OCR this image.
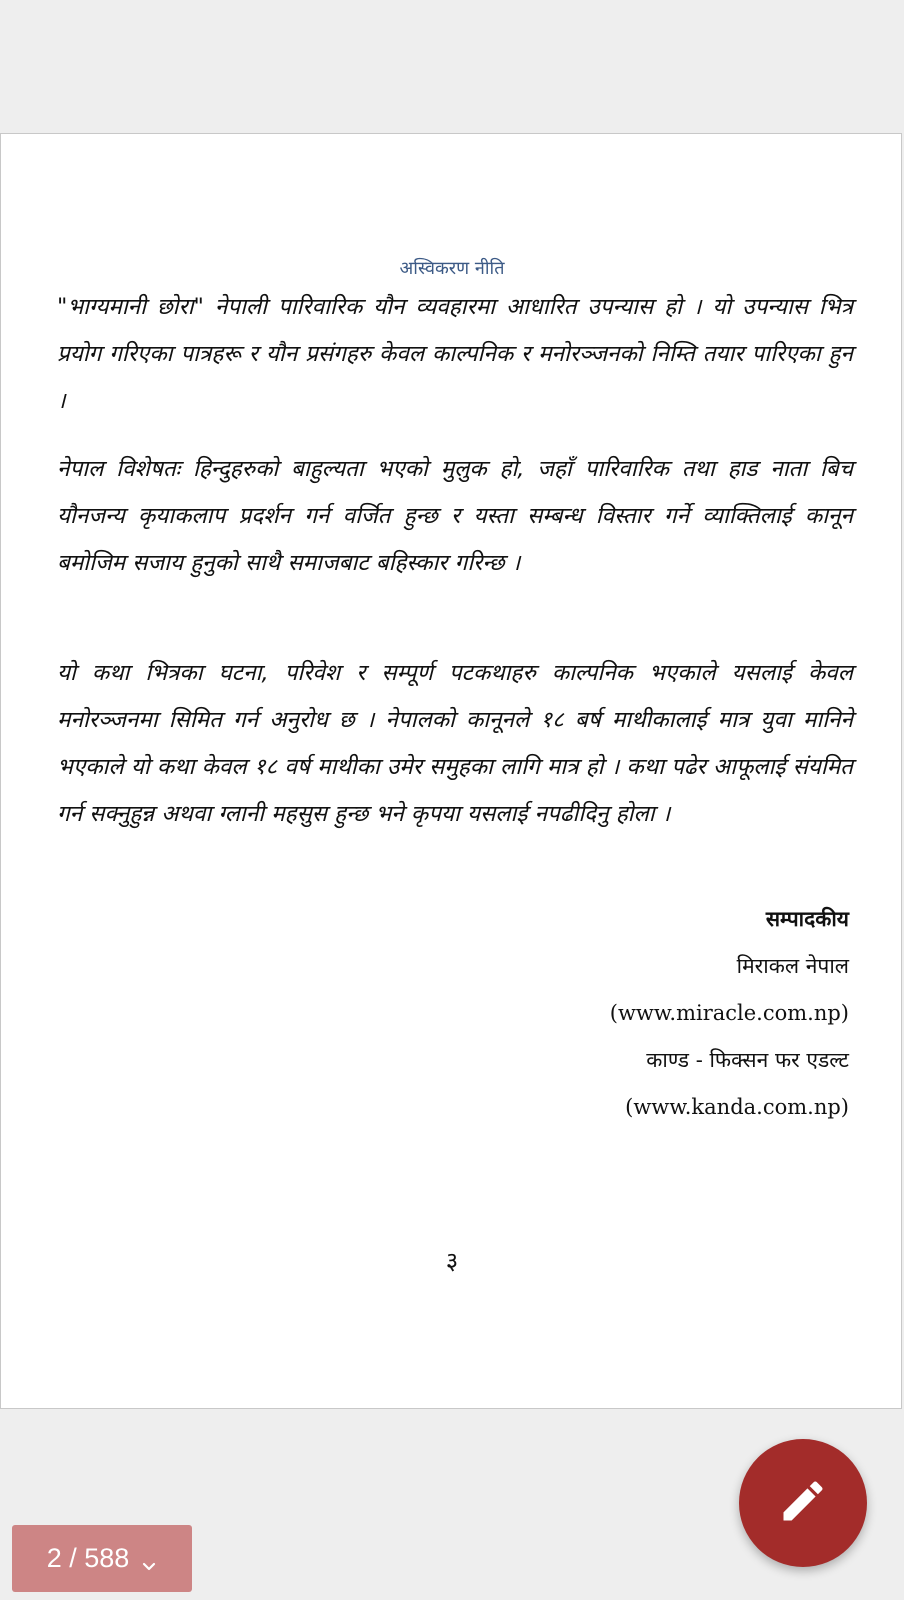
अस्विकरण नीति

"भाग्यमानी छोरा" नेपाली पारिवारिक यौन व्यवहारमा आधारित उपन्यास हो । यो उपन्यास भित्र प्रयोग गरिएका पात्रहरू र यौन प्रसंगहरु केवल काल्पनिक र मनोरञ्जनको निम्ति तयार पारिएका हुन ।

नेपाल विशेषतः हिन्दुहरुको बाहुल्यता भएको मुलुक हो, जहाँ पारिवारिक तथा हाड नाता बिच यौनजन्य कृयाकलाप प्रदर्शन गर्न वर्जित हुन्छ र यस्ता सम्बन्ध विस्तार गर्ने व्याक्तिलाई कानून बमोजिम सजाय हुनुको साथै समाजबाट बहिस्कार गरिन्छ ।

यो कथा भित्रका घटना, परिवेश र सम्पूर्ण पटकथाहरु काल्पनिक भएकाले यसलाई केवल मनोरञ्जनमा सिमित गर्न अनुरोध छ । नेपालको कानूनले १८ बर्ष माथीकालाई मात्र युवा मानिने भएकाले यो कथा केवल १८ वर्ष माथीका उमेर समुहका लागि मात्र हो । कथा पढेर आफूलाई संयमित गर्न सक्नुहुन्न अथवा ग्लानी महसुस हुन्छ भने कृपया यसलाई नपढीदिनु होला ।

सम्पादकीय
मिराकल नेपाल
(www.miracle.com.np)
काण्ड - फिक्सन फर एडल्ट
(www.kanda.com.np)
३
2 / 588
